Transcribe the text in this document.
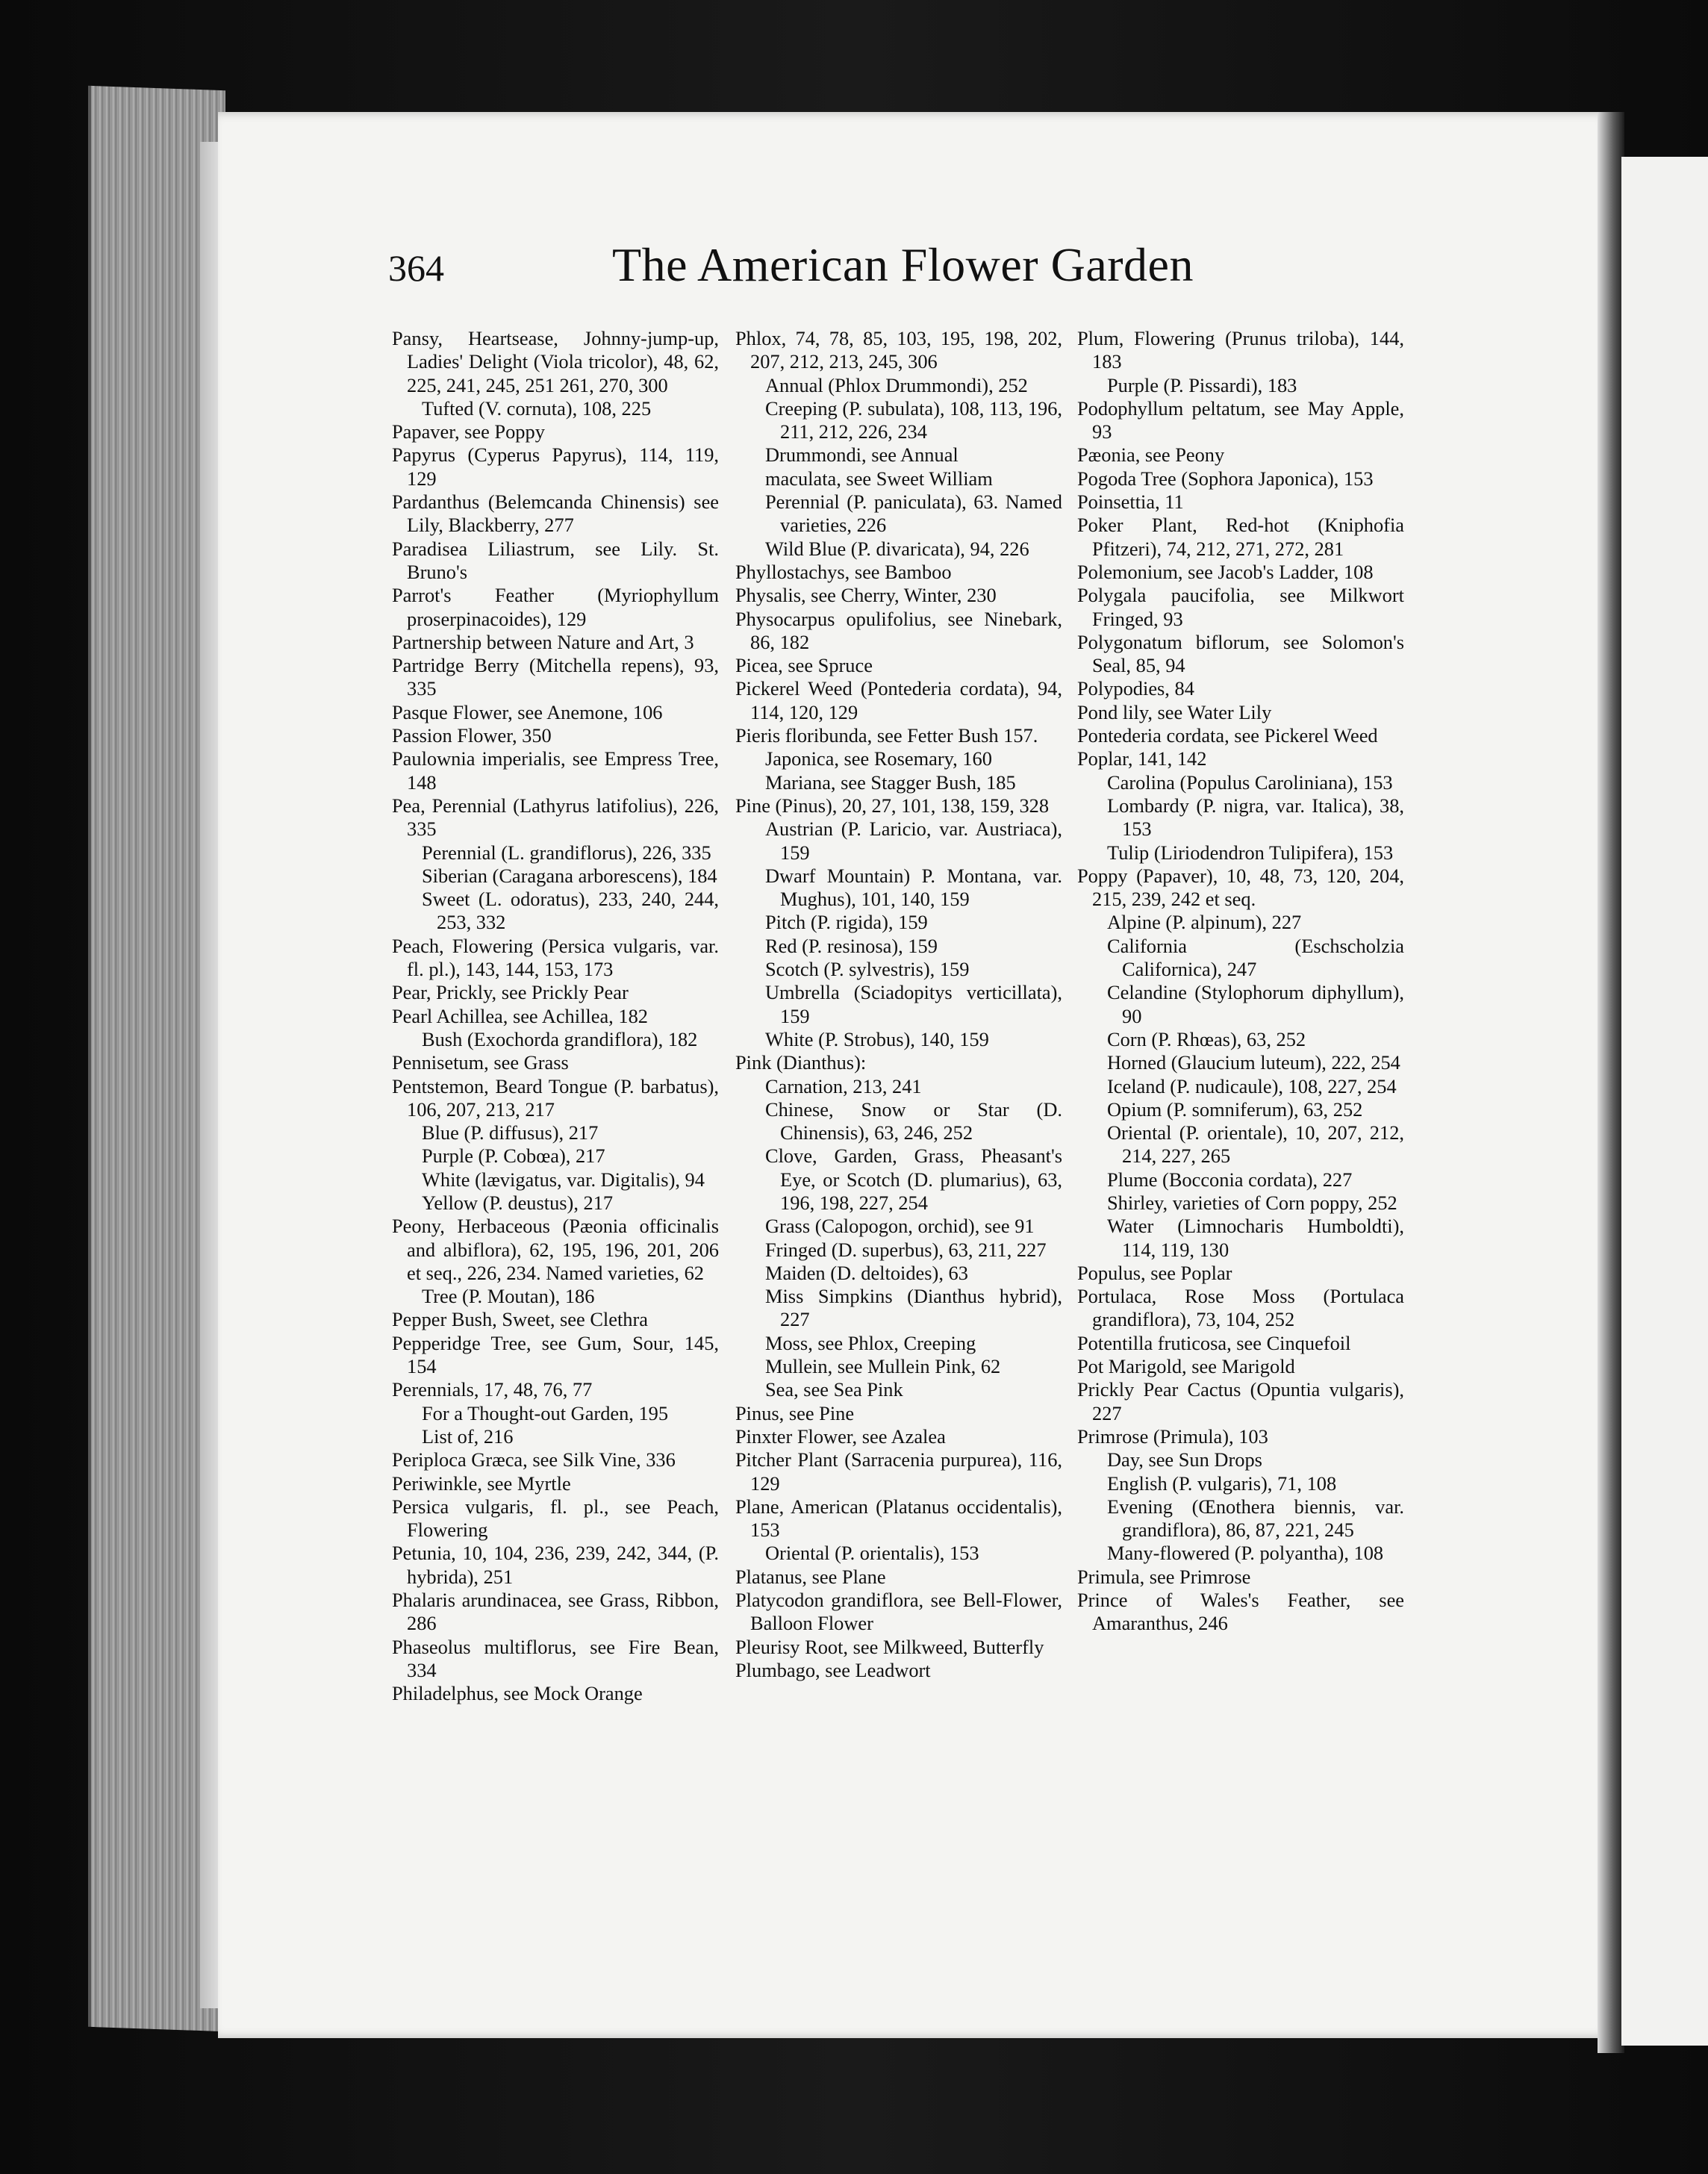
364	The American Flower Garden

Pansy, Heartsease, Johnny-jump-up, Ladies' Delight (Viola tricolor), 48, 62, 225, 241, 245, 251 261, 270, 300

Tufted (V. cornuta), 108, 225

Papaver, see Poppy

Papyrus (Cyperus Papyrus), 114, 119, 129

Pardanthus (Belemcanda Chinensis) see Lily, Blackberry, 277

Paradisea Liliastrum, see Lily. St. Bruno's

Parrot's Feather (Myriophyllum proserpinacoides), 129

Partnership between Nature and Art, 3

Partridge Berry (Mitchella repens), 93, 335

Pasque Flower, see Anemone, 106

Passion Flower, 350

Paulownia imperialis, see Empress Tree, 148

Pea, Perennial (Lathyrus latifolius), 226, 335

Perennial (L. grandiflorus), 226, 335

Siberian (Caragana arborescens), 184

Sweet (L. odoratus), 233, 240, 244, 253, 332

Peach, Flowering (Persica vulgaris, var. fl. pl.), 143, 144, 153, 173

Pear, Prickly, see Prickly Pear

Pearl Achillea, see Achillea, 182

Bush (Exochorda grandiflora), 182

Pennisetum, see Grass

Pentstemon, Beard Tongue (P. barbatus), 106, 207, 213, 217

Blue (P. diffusus), 217

Purple (P. Cobœa), 217

White (lævigatus, var. Digitalis), 94

Yellow (P. deustus), 217

Peony, Herbaceous (Pæonia officinalis and albiflora), 62, 195, 196, 201, 206 et seq., 226, 234. Named varieties, 62

Tree (P. Moutan), 186

Pepper Bush, Sweet, see Clethra

Pepperidge Tree, see Gum, Sour, 145, 154

Perennials, 17, 48, 76, 77

For a Thought-out Garden, 195

List of, 216

Periploca Græca, see Silk Vine, 336

Periwinkle, see Myrtle

Persica vulgaris, fl. pl., see Peach, Flowering

Petunia, 10, 104, 236, 239, 242, 344, (P. hybrida), 251

Phalaris arundinacea, see Grass, Ribbon, 286

Phaseolus multiflorus, see Fire Bean, 334

Philadelphus, see Mock Orange

Phlox, 74, 78, 85, 103, 195, 198, 202, 207, 212, 213, 245, 306

Annual (Phlox Drummondi), 252

Creeping (P. subulata), 108, 113, 196, 211, 212, 226, 234

Drummondi, see Annual

maculata, see Sweet William

Perennial (P. paniculata), 63. Named varieties, 226

Wild Blue (P. divaricata), 94, 226

Phyllostachys, see Bamboo

Physalis, see Cherry, Winter, 230

Physocarpus opulifolius, see Ninebark, 86, 182

Picea, see Spruce

Pickerel Weed (Pontederia cordata), 94, 114, 120, 129

Pieris floribunda, see Fetter Bush 157.

Japonica, see Rosemary, 160

Mariana, see Stagger Bush, 185

Pine (Pinus), 20, 27, 101, 138, 159, 328

Austrian (P. Laricio, var. Austriaca), 159

Dwarf Mountain) P. Montana, var. Mughus), 101, 140, 159

Pitch (P. rigida), 159

Red (P. resinosa), 159

Scotch (P. sylvestris), 159

Umbrella (Sciadopitys verticillata), 159

White (P. Strobus), 140, 159

Pink (Dianthus):

Carnation, 213, 241

Chinese, Snow or Star (D. Chinensis), 63, 246, 252

Clove, Garden, Grass, Pheasant's Eye, or Scotch (D. plumarius), 63, 196, 198, 227, 254

Grass (Calopogon, orchid), see 91

Fringed (D. superbus), 63, 211, 227

Maiden (D. deltoides), 63

Miss Simpkins (Dianthus hybrid), 227

Moss, see Phlox, Creeping

Mullein, see Mullein Pink, 62

Sea, see Sea Pink

Pinus, see Pine

Pinxter Flower, see Azalea

Pitcher Plant (Sarracenia purpurea), 116, 129

Plane, American (Platanus occidentalis), 153

Oriental (P. orientalis), 153

Platanus, see Plane

Platycodon grandiflora, see Bell-Flower, Balloon Flower

Pleurisy Root, see Milkweed, Butterfly

Plumbago, see Leadwort

Plum, Flowering (Prunus triloba), 144, 183

Purple (P. Pissardi), 183

Podophyllum peltatum, see May Apple, 93

Pæonia, see Peony

Pogoda Tree (Sophora Japonica), 153

Poinsettia, 11

Poker Plant, Red-hot (Kniphofia Pfitzeri), 74, 212, 271, 272, 281

Polemonium, see Jacob's Ladder, 108

Polygala paucifolia, see Milkwort Fringed, 93

Polygonatum biflorum, see Solomon's Seal, 85, 94

Polypodies, 84

Pond lily, see Water Lily

Pontederia cordata, see Pickerel Weed

Poplar, 141, 142

Carolina (Populus Caroliniana), 153

Lombardy (P. nigra, var. Italica), 38, 153

Tulip (Liriodendron Tulipifera), 153

Poppy (Papaver), 10, 48, 73, 120, 204, 215, 239, 242 et seq.

Alpine (P. alpinum), 227

California (Eschscholzia Californica), 247

Celandine (Stylophorum diphyllum), 90

Corn (P. Rhœas), 63, 252

Horned (Glaucium luteum), 222, 254

Iceland (P. nudicaule), 108, 227, 254

Opium (P. somniferum), 63, 252

Oriental (P. orientale), 10, 207, 212, 214, 227, 265

Plume (Bocconia cordata), 227

Shirley, varieties of Corn poppy, 252

Water (Limnocharis Humboldti), 114, 119, 130

Populus, see Poplar

Portulaca, Rose Moss (Portulaca grandiflora), 73, 104, 252

Potentilla fruticosa, see Cinquefoil

Pot Marigold, see Marigold

Prickly Pear Cactus (Opuntia vulgaris), 227

Primrose (Primula), 103

Day, see Sun Drops

English (P. vulgaris), 71, 108

Evening (Œnothera biennis, var. grandiflora), 86, 87, 221, 245

Many-flowered (P. polyantha), 108

Primula, see Primrose

Prince of Wales's Feather, see Amaranthus, 246
